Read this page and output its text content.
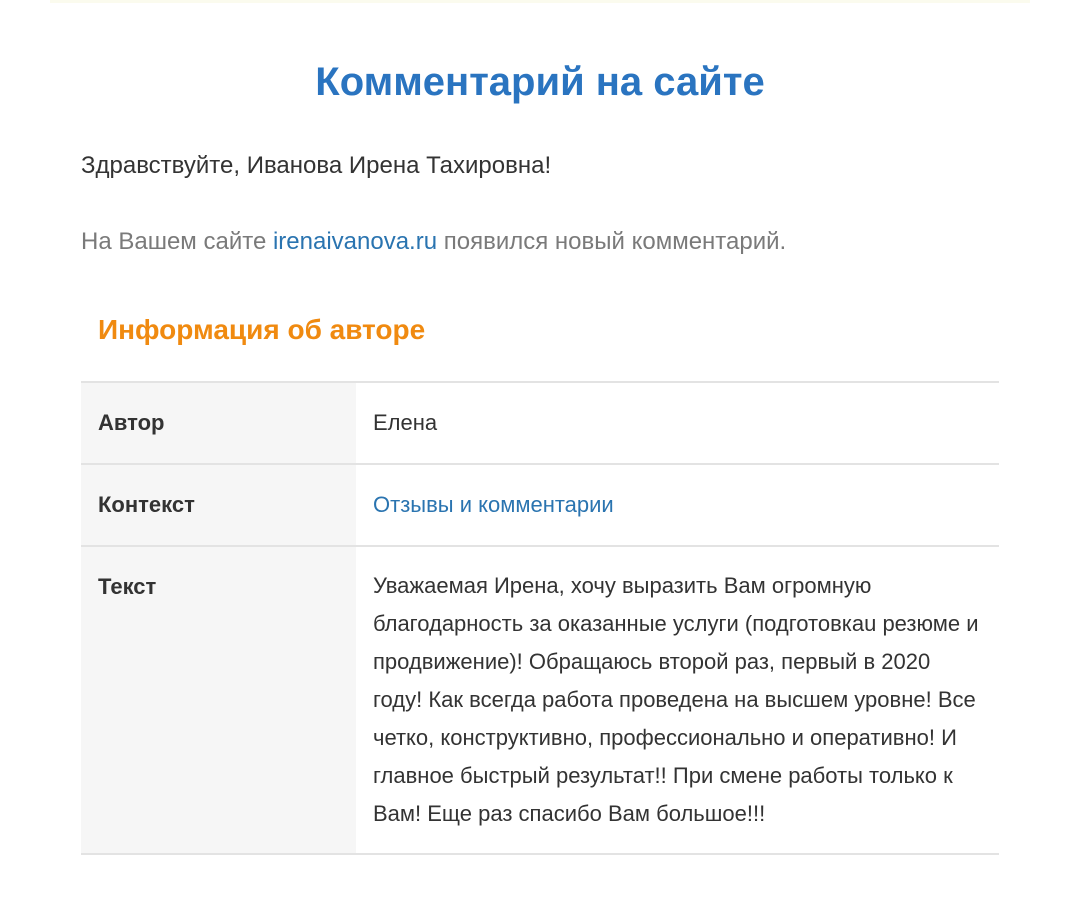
Комментарий на сайте

Здравствуйте, Иванова Ирена Тахировна!

На Вашем сайте irenaivanova.ru появился новый комментарий.

Информация об авторе
Автор	Елена
Контекст	Отзывы и комментарии
Текст	Уважаемая Ирена, хочу выразить Вам огромную благодарность за оказанные услуги (подготовкаu резюме и продвижение)! Обращаюсь второй раз, первый в 2020 году! Как всегда работа проведена на высшем уровне! Все четко, конструктивно, профессионально и оперативно! И главное быстрый результат!! При смене работы только к Вам! Еще раз спасибо Вам большое!!!
